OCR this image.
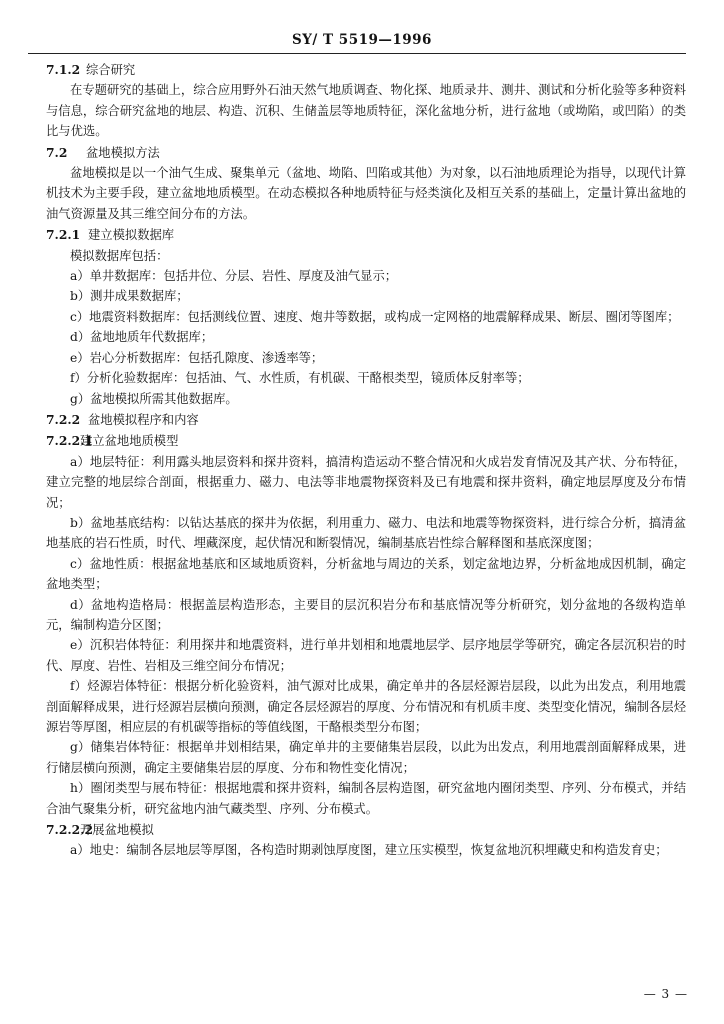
SY/ T 5519—1996
7.1.2 综合研究

在专题研究的基础上，综合应用野外石油天然气地质调查、物化探、地质录井、测井、测试和分析化验等多种资料与信息，综合研究盆地的地层、构造、沉积、生储盖层等地质特征，深化盆地分析，进行盆地（或坳陷，或凹陷）的类比与优选。

7.2 盆地模拟方法

盆地模拟是以一个油气生成、聚集单元（盆地、坳陷、凹陷或其他）为对象，以石油地质理论为指导，以现代计算机技术为主要手段，建立盆地地质模型。在动态模拟各种地质特征与烃类演化及相互关系的基础上，定量计算出盆地的油气资源量及其三维空间分布的方法。

7.2.1 建立模拟数据库

模拟数据库包括：

a）单井数据库：包括井位、分层、岩性、厚度及油气显示；
b）测井成果数据库；

c）地震资料数据库：包括测线位置、速度、炮井等数据，或构成一定网格的地震解释成果、断层、圈闭等图库；

d）盆地地质年代数据库；
e）岩心分析数据库：包括孔隙度、渗透率等；
f）分析化验数据库：包括油、气、水性质，有机碳、干酪根类型，镜质体反射率等；
g）盆地模拟所需其他数据库。
7.2.2 盆地模拟程序和内容
7.2.2.1建立盆地地质模型

a）地层特征：利用露头地层资料和探井资料，搞清构造运动不整合情况和火成岩发育情况及其产状、分布特征，建立完整的地层综合剖面，根据重力、磁力、电法等非地震物探资料及已有地震和探井资料，确定地层厚度及分布情况；

b）盆地基底结构：以钻达基底的探井为依据，利用重力、磁力、电法和地震等物探资料，进行综合分析，搞清盆地基底的岩石性质，时代、埋藏深度，起伏情况和断裂情况，编制基底岩性综合解释图和基底深度图；

c）盆地性质：根据盆地基底和区域地质资料，分析盆地与周边的关系，划定盆地边界，分析盆地成因机制，确定盆地类型；

d）盆地构造格局：根据盖层构造形态，主要目的层沉积岩分布和基底情况等分析研究，划分盆地的各级构造单元，编制构造分区图；

e）沉积岩体特征：利用探井和地震资料，进行单井划相和地震地层学、层序地层学等研究，确定各层沉积岩的时代、厚度、岩性、岩相及三维空间分布情况；

f）烃源岩体特征：根据分析化验资料，油气源对比成果，确定单井的各层烃源岩层段，以此为出发点，利用地震剖面解释成果，进行烃源岩层横向预测，确定各层烃源岩的厚度、分布情况和有机质丰度、类型变化情况，编制各层烃源岩等厚图，相应层的有机碳等指标的等值线图，干酪根类型分布图；

g）储集岩体特征：根据单井划相结果，确定单井的主要储集岩层段，以此为出发点，利用地震剖面解释成果，进行储层横向预测，确定主要储集岩层的厚度、分布和物性变化情况；

h）圈闭类型与展布特征：根据地震和探井资料，编制各层构造图，研究盆地内圈闭类型、序列、分布模式，并结合油气聚集分析，研究盆地内油气藏类型、序列、分布模式。

7.2.2.2开展盆地模拟

a）地史：编制各层地层等厚图，各构造时期剥蚀厚度图，建立压实模型，恢复盆地沉积埋藏史和构造发育史；

— 3 —
